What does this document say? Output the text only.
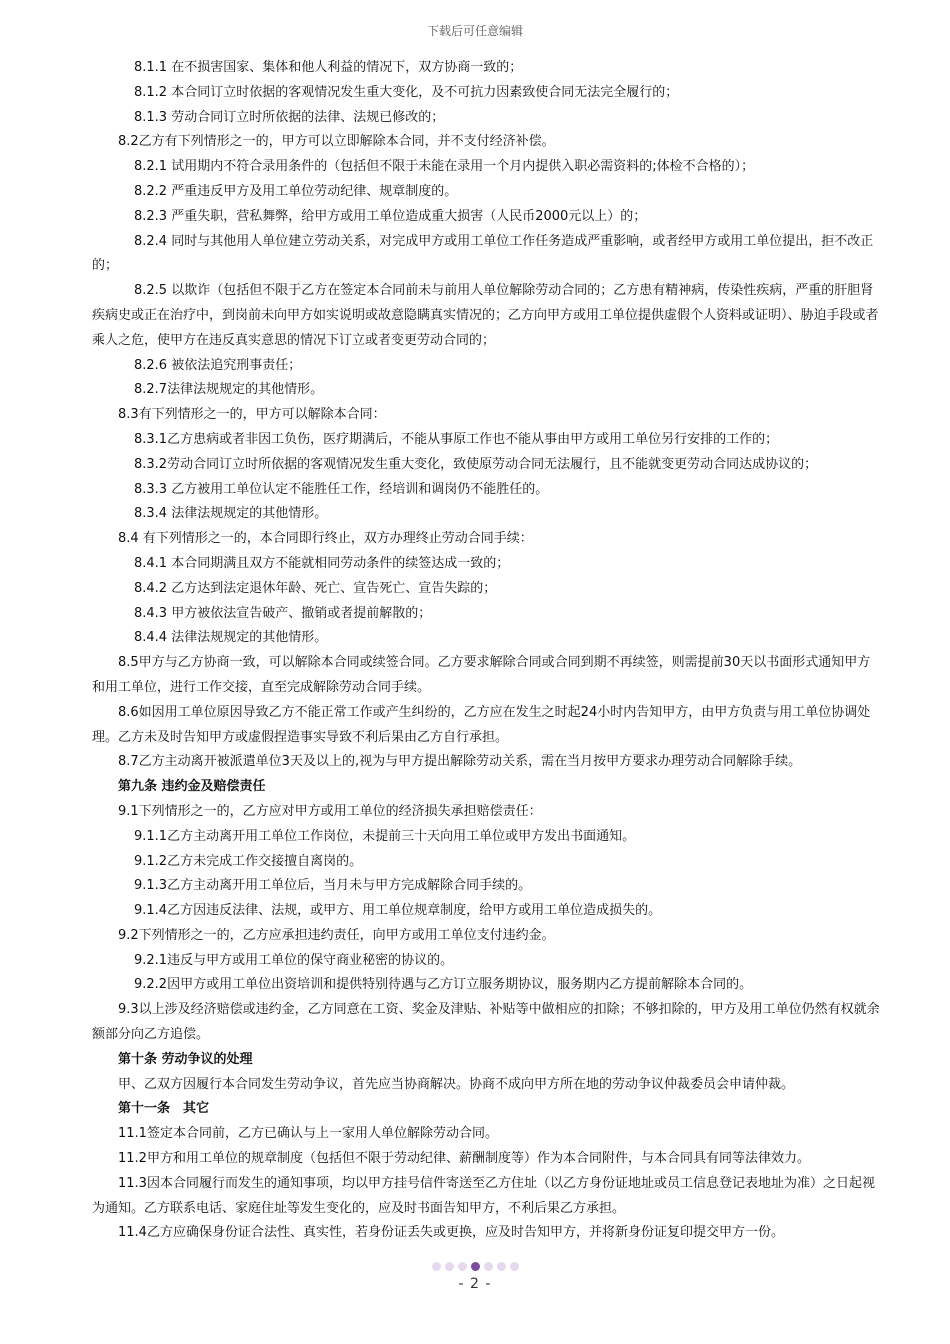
下载后可任意编辑

8.1.1 在不损害国家、集体和他人利益的情况下，双方协商一致的；

8.1.2 本合同订立时依据的客观情况发生重大变化，及不可抗力因素致使合同无法完全履行的；

8.1.3 劳动合同订立时所依据的法律、法规已修改的；

8.2乙方有下列情形之一的，甲方可以立即解除本合同，并不支付经济补偿。

8.2.1 试用期内不符合录用条件的（包括但不限于未能在录用一个月内提供入职必需资料的;体检不合格的）；

8.2.2 严重违反甲方及用工单位劳动纪律、规章制度的。

8.2.3 严重失职，营私舞弊，给甲方或用工单位造成重大损害（人民币2000元以上）的；

8.2.4 同时与其他用人单位建立劳动关系，对完成甲方或用工单位工作任务造成严重影响，或者经甲方或用工单位提出，拒不改正的；

8.2.5 以欺诈（包括但不限于乙方在签定本合同前未与前用人单位解除劳动合同的；乙方患有精神病，传染性疾病，严重的肝胆肾疾病史或正在治疗中，到岗前未向甲方如实说明或故意隐瞒真实情况的；乙方向甲方或用工单位提供虚假个人资料或证明）、胁迫手段或者乘人之危，使甲方在违反真实意思的情况下订立或者变更劳动合同的；

8.2.6 被依法追究刑事责任；

8.2.7法律法规规定的其他情形。

8.3有下列情形之一的，甲方可以解除本合同：

8.3.1乙方患病或者非因工负伤，医疗期满后，不能从事原工作也不能从事由甲方或用工单位另行安排的工作的；

8.3.2劳动合同订立时所依据的客观情况发生重大变化，致使原劳动合同无法履行，且不能就变更劳动合同达成协议的；

8.3.3 乙方被用工单位认定不能胜任工作，经培训和调岗仍不能胜任的。

8.3.4 法律法规规定的其他情形。

8.4 有下列情形之一的，本合同即行终止，双方办理终止劳动合同手续：

8.4.1 本合同期满且双方不能就相同劳动条件的续签达成一致的；

8.4.2 乙方达到法定退休年龄、死亡、宣告死亡、宣告失踪的；

8.4.3 甲方被依法宣告破产、撤销或者提前解散的；

8.4.4 法律法规规定的其他情形。

8.5甲方与乙方协商一致，可以解除本合同或续签合同。乙方要求解除合同或合同到期不再续签，则需提前30天以书面形式通知甲方和用工单位，进行工作交接，直至完成解除劳动合同手续。

8.6如因用工单位原因导致乙方不能正常工作或产生纠纷的，乙方应在发生之时起24小时内告知甲方，由甲方负责与用工单位协调处理。乙方未及时告知甲方或虚假捏造事实导致不利后果由乙方自行承担。

8.7乙方主动离开被派遣单位3天及以上的,视为与甲方提出解除劳动关系，需在当月按甲方要求办理劳动合同解除手续。

第九条 违约金及赔偿责任

9.1下列情形之一的，乙方应对甲方或用工单位的经济损失承担赔偿责任：

9.1.1乙方主动离开用工单位工作岗位，未提前三十天向用工单位或甲方发出书面通知。

9.1.2乙方未完成工作交接擅自离岗的。

9.1.3乙方主动离开用工单位后，当月未与甲方完成解除合同手续的。

9.1.4乙方因违反法律、法规，或甲方、用工单位规章制度，给甲方或用工单位造成损失的。

9.2下列情形之一的，乙方应承担违约责任，向甲方或用工单位支付违约金。

9.2.1违反与甲方或用工单位的保守商业秘密的协议的。

9.2.2因甲方或用工单位出资培训和提供特别待遇与乙方订立服务期协议，服务期内乙方提前解除本合同的。

9.3以上涉及经济赔偿或违约金，乙方同意在工资、奖金及津贴、补贴等中做相应的扣除；不够扣除的，甲方及用工单位仍然有权就余额部分向乙方追偿。

第十条 劳动争议的处理

甲、乙双方因履行本合同发生劳动争议，首先应当协商解决。协商不成向甲方所在地的劳动争议仲裁委员会申请仲裁。

第十一条　其它

11.1签定本合同前，乙方已确认与上一家用人单位解除劳动合同。

11.2甲方和用工单位的规章制度（包括但不限于劳动纪律、薪酬制度等）作为本合同附件，与本合同具有同等法律效力。

11.3因本合同履行而发生的通知事项，均以甲方挂号信件寄送至乙方住址（以乙方身份证地址或员工信息登记表地址为准）之日起视为通知。乙方联系电话、家庭住址等发生变化的，应及时书面告知甲方，不利后果乙方承担。

11.4乙方应确保身份证合法性、真实性，若身份证丢失或更换，应及时告知甲方，并将新身份证复印提交甲方一份。

- 2 -
